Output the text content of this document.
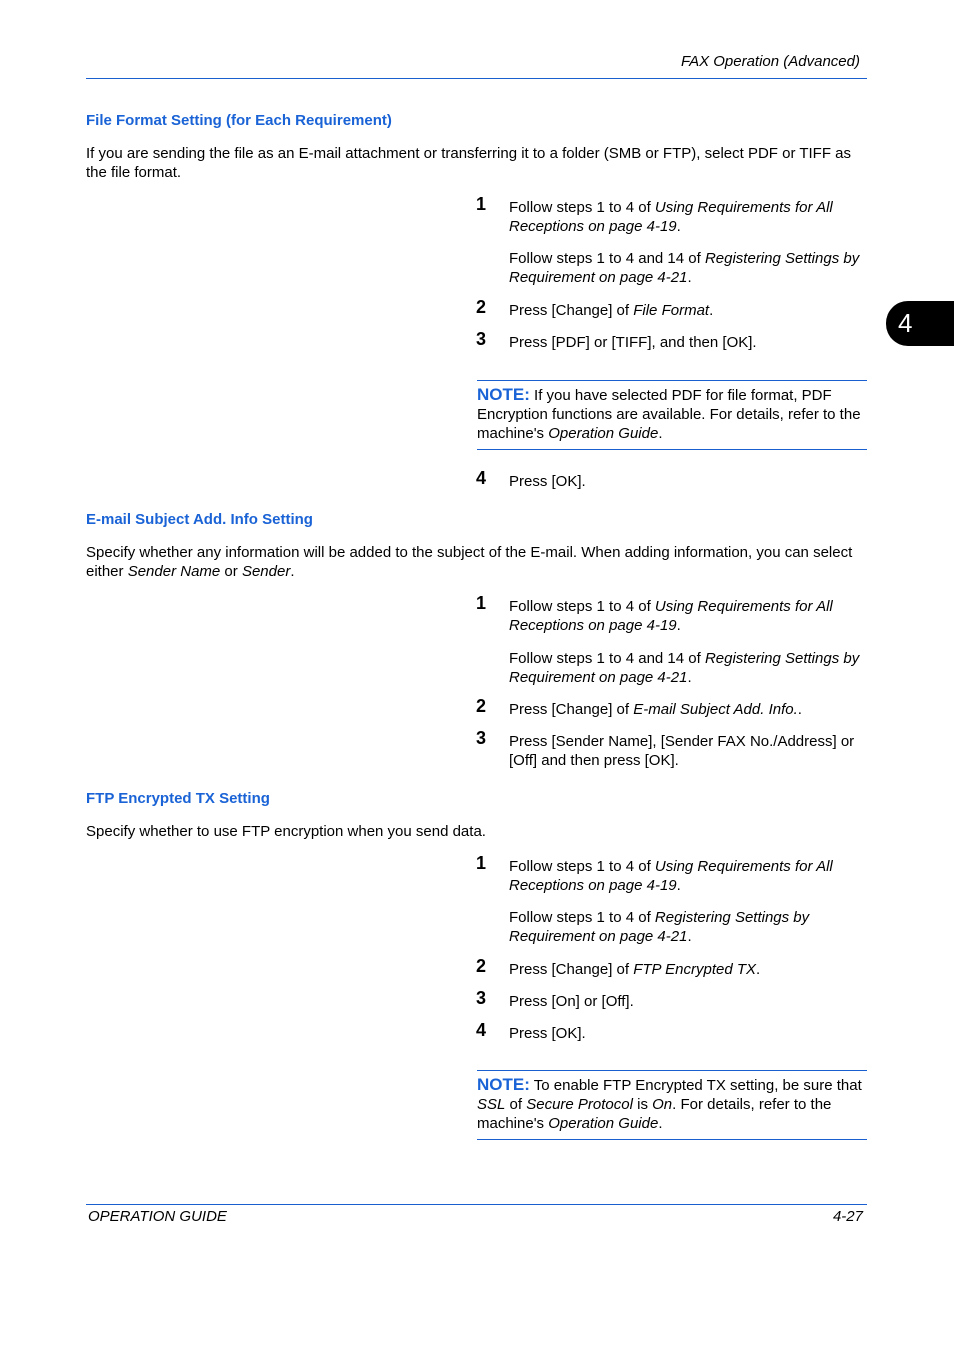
FAX Operation (Advanced)
4
File Format Setting (for Each Requirement)
If you are sending the file as an E-mail attachment or transferring it to a folder (SMB or FTP), select PDF or TIFF as the file format.
1 Follow steps 1 to 4 of Using Requirements for All Receptions on page 4-19.
Follow steps 1 to 4 and 14 of Registering Settings by Requirement on page 4-21.
2 Press [Change] of File Format.
3 Press [PDF] or [TIFF], and then [OK].
NOTE: If you have selected PDF for file format, PDF Encryption functions are available. For details, refer to the machine's Operation Guide.
4 Press [OK].
E-mail Subject Add. Info Setting
Specify whether any information will be added to the subject of the E-mail. When adding information, you can select either Sender Name or Sender.
1 Follow steps 1 to 4 of Using Requirements for All Receptions on page 4-19.
Follow steps 1 to 4 and 14 of Registering Settings by Requirement on page 4-21.
2 Press [Change] of E-mail Subject Add. Info..
3 Press [Sender Name], [Sender FAX No./Address] or [Off] and then press [OK].
FTP Encrypted TX Setting
Specify whether to use FTP encryption when you send data.
1 Follow steps 1 to 4 of Using Requirements for All Receptions on page 4-19.
Follow steps 1 to 4 of Registering Settings by Requirement on page 4-21.
2 Press [Change] of FTP Encrypted TX.
3 Press [On] or [Off].
4 Press [OK].
NOTE: To enable FTP Encrypted TX setting, be sure that SSL of Secure Protocol is On. For details, refer to the machine's Operation Guide.
OPERATION GUIDE	4-27
